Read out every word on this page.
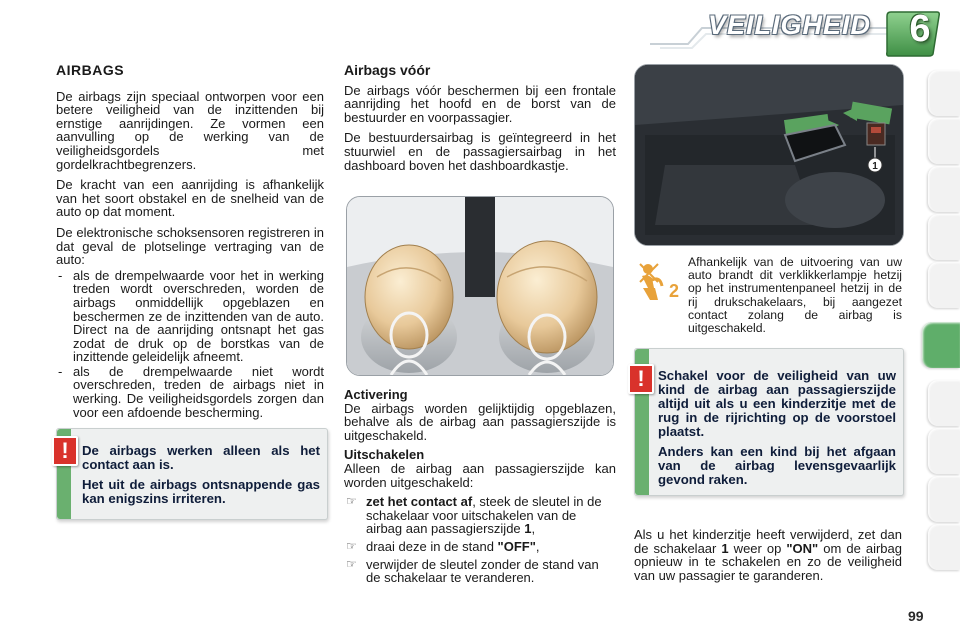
VEILIGHEID 6
AIRBAGS

De airbags zijn speciaal ontworpen voor een betere veiligheid van de inzittenden bij ernstige aanrijdingen. Ze vormen een aanvulling op de werking van de veiligheidsgordels met gordelkrachtbegrenzers.

De kracht van een aanrijding is afhankelijk van het soort obstakel en de snelheid van de auto op dat moment.

De elektronische schoksensoren registreren in dat geval de plotselinge vertraging van de auto:

- als de drempelwaarde voor het in werking treden wordt overschreden, worden de airbags onmiddellijk opgeblazen en beschermen ze de inzittenden van de auto. Direct na de aanrijding ontsnapt het gas zodat de druk op de borstkas van de inzittende geleidelijk afneemt.
- als de drempelwaarde niet wordt overschreden, treden de airbags niet in werking. De veiligheidsgordels zorgen dan voor een afdoende bescherming.
!	De airbags werken alleen als het contact aan is.

Het uit de airbags ontsnappende gas kan enigszins irriteren.

Airbags vóór

De airbags vóór beschermen bij een frontale aanrijding het hoofd en de borst van de bestuurder en voorpassagier.

De bestuurdersairbag is geïntegreerd in het stuurwiel en de passagiersairbag in het dashboard boven het dashboardkastje.

Activering

De airbags worden gelijktijdig opgeblazen, behalve als de airbag aan passagierszijde is uitgeschakeld.

Uitschakelen

Alleen de airbag aan passagierszijde kan worden uitgeschakeld:

☞ zet het contact af, steek de sleutel in de schakelaar voor uitschakelen van de airbag aan passagierszijde 1,
☞ draai deze in de stand "OFF",
☞ verwijder de sleutel zonder de stand van de schakelaar te veranderen.
1
2

Afhankelijk van de uitvoering van uw auto brandt dit verklikkerlampje hetzij op het instrumentenpaneel hetzij in de rij drukschakelaars, bij aangezet contact zolang de airbag is uitgeschakeld.

!	Schakel voor de veiligheid van uw kind de airbag aan passagierszijde altijd uit als u een kinderzitje met de rug in de rijrichting op de voorstoel plaatst.

Anders kan een kind bij het afgaan van de airbag levensgevaarlijk gevond raken.

Als u het kinderzitje heeft verwijderd, zet dan de schakelaar 1 weer op "ON" om de airbag opnieuw in te schakelen en zo de veiligheid van uw passagier te garanderen.

99
